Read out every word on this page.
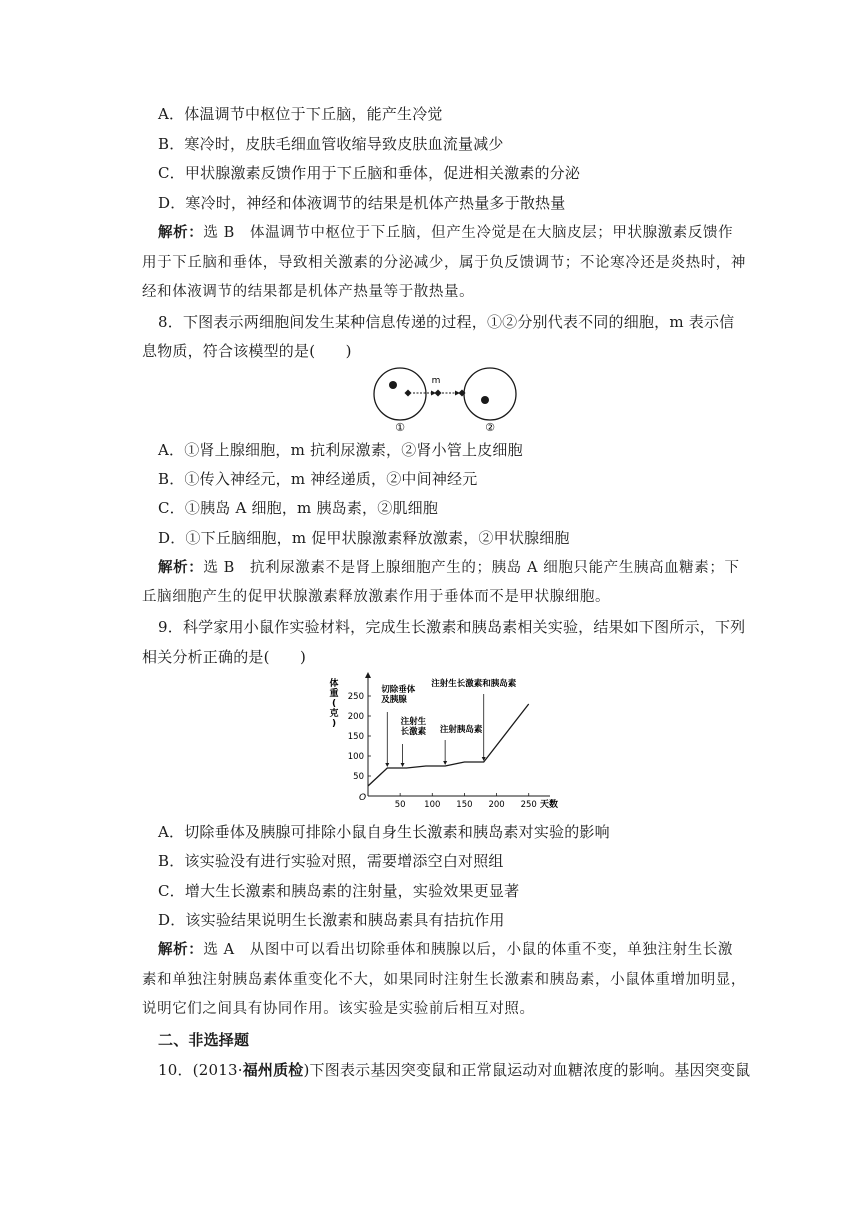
A．体温调节中枢位于下丘脑，能产生冷觉
B．寒冷时，皮肤毛细血管收缩导致皮肤血流量减少
C．甲状腺激素反馈作用于下丘脑和垂体，促进相关激素的分泌
D．寒冷时，神经和体液调节的结果是机体产热量多于散热量
解析：选 B　体温调节中枢位于下丘脑，但产生冷觉是在大脑皮层；甲状腺激素反馈作
用于下丘脑和垂体，导致相关激素的分泌减少，属于负反馈调节；不论寒冷还是炎热时，神
经和体液调节的结果都是机体产热量等于散热量。
8．下图表示两细胞间发生某种信息传递的过程，①②分别代表不同的细胞，m 表示信
息物质，符合该模型的是(　　)
m
①	②
A．①肾上腺细胞，m 抗利尿激素，②肾小管上皮细胞
B．①传入神经元，m 神经递质，②中间神经元
C．①胰岛 A 细胞，m 胰岛素，②肌细胞
D．①下丘脑细胞，m 促甲状腺激素释放激素，②甲状腺细胞
解析：选 B　抗利尿激素不是肾上腺细胞产生的；胰岛 A 细胞只能产生胰高血糖素；下
丘脑细胞产生的促甲状腺激素释放激素作用于垂体而不是甲状腺细胞。
9．科学家用小鼠作实验材料，完成生长激素和胰岛素相关实验，结果如下图所示，下列
相关分析正确的是(　　)
O
体
重
(
克
)
50 100 150 200 250 天数
50
100
150
200
250
切除垂体
及胰腺
注射生
长激素 注射胰岛素
注射生长激素和胰岛素
A．切除垂体及胰腺可排除小鼠自身生长激素和胰岛素对实验的影响
B．该实验没有进行实验对照，需要增添空白对照组
C．增大生长激素和胰岛素的注射量，实验效果更显著
D．该实验结果说明生长激素和胰岛素具有拮抗作用
解析：选 A　从图中可以看出切除垂体和胰腺以后，小鼠的体重不变，单独注射生长激
素和单独注射胰岛素体重变化不大，如果同时注射生长激素和胰岛素，小鼠体重增加明显，
说明它们之间具有协同作用。该实验是实验前后相互对照。
二、非选择题
10．(2013·福州质检)下图表示基因突变鼠和正常鼠运动对血糖浓度的影响。基因突变鼠
